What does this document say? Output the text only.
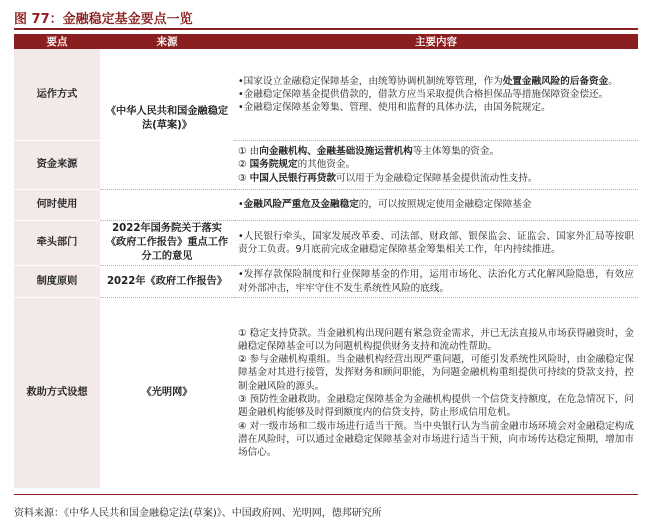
图 77：金融稳定基金要点一览
要点	来源	主要内容
运作方式	《中华人民共和国金融稳定法(草案)》	•国家设立金融稳定保障基金，由统筹协调机制统筹管理，作为处置金融风险的后备资金。

•金融稳定保障基金提供借款的，借款方应当采取提供合格担保品等措施保障资金偿还。

•金融稳定保障基金筹集、管理、使用和监督的具体办法，由国务院规定。

资金来源		① 由向金融机构、金融基础设施运营机构等主体筹集的资金。

② 国务院规定的其他资金。

③ 中国人民银行再贷款可以用于为金融稳定保障基金提供流动性支持。

何时使用		•金融风险严重危及金融稳定的，可以按照规定使用金融稳定保障基金

牵头部门	2022年国务院关于落实《政府工作报告》重点工作分工的意见	•人民银行牵头，国家发展改革委、司法部、财政部、银保监会、证监会、国家外汇局等按职责分工负责。9月底前完成金融稳定保障基金筹集相关工作，年内持续推进。

制度原则	2022年《政府工作报告》	•发挥存款保险制度和行业保障基金的作用，运用市场化、法治化方式化解风险隐患，有效应对外部冲击，牢牢守住不发生系统性风险的底线。

救助方式设想	《光明网》	① 稳定支持贷款。当金融机构出现问题有紧急资金需求，并已无法直接从市场获得融资时，金融稳定保障基金可以为问题机构提供财务支持和流动性帮助。

② 参与金融机构重组。当金融机构经营出现严重问题，可能引发系统性风险时，由金融稳定保障基金对其进行接管，发挥财务和顾问职能，为问题金融机构重组提供可持续的贷款支持，控制金融风险的源头。

③ 预防性金融救助。金融稳定保障基金为金融机构提供一个信贷支持额度，在危急情况下，问题金融机构能够及时得到额度内的信贷支持，防止形成信用危机。

④ 对一级市场和二级市场进行适当干预。当中央银行认为当前金融市场环境会对金融稳定构成潜在风险时，可以通过金融稳定保障基金对市场进行适当干预，向市场传达稳定预期，增加市场信心。

资料来源：《中华人民共和国金融稳定法(草案)》、中国政府网、光明网，德邦研究所
